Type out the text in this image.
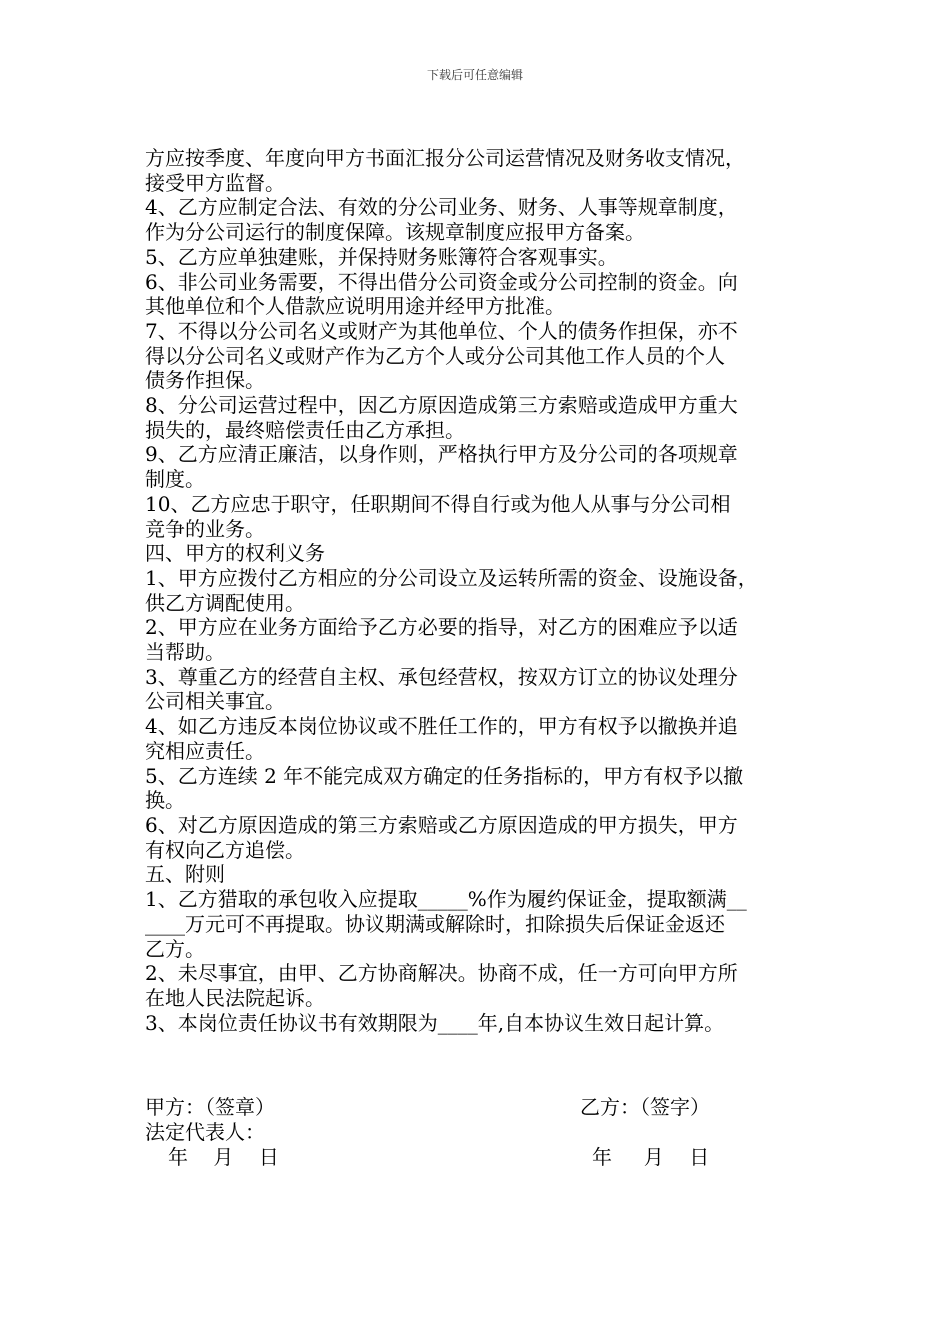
下载后可任意编辑
方应按季度、年度向甲方书面汇报分公司运营情况及财务收支情况，
接受甲方监督。
4、乙方应制定合法、有效的分公司业务、财务、人事等规章制度，
作为分公司运行的制度保障。该规章制度应报甲方备案。
5、乙方应单独建账，并保持财务账簿符合客观事实。
6、非公司业务需要，不得出借分公司资金或分公司控制的资金。向
其他单位和个人借款应说明用途并经甲方批准。
7、不得以分公司名义或财产为其他单位、个人的债务作担保，亦不
得以分公司名义或财产作为乙方个人或分公司其他工作人员的个人
债务作担保。
8、分公司运营过程中，因乙方原因造成第三方索赔或造成甲方重大
损失的，最终赔偿责任由乙方承担。
9、乙方应清正廉洁，以身作则，严格执行甲方及分公司的各项规章
制度。
10、乙方应忠于职守，任职期间不得自行或为他人从事与分公司相
竞争的业务。
四、甲方的权利义务
1、甲方应拨付乙方相应的分公司设立及运转所需的资金、设施设备，
供乙方调配使用。
2、甲方应在业务方面给予乙方必要的指导，对乙方的困难应予以适
当帮助。
3、尊重乙方的经营自主权、承包经营权，按双方订立的协议处理分
公司相关事宜。
4、如乙方违反本岗位协议或不胜任工作的，甲方有权予以撤换并追
究相应责任。
5、乙方连续 2 年不能完成双方确定的任务指标的，甲方有权予以撤
换。
6、对乙方原因造成的第三方索赔或乙方原因造成的甲方损失，甲方
有权向乙方追偿。
五、附则
1、乙方猎取的承包收入应提取_____%作为履约保证金，提取额满__
____万元可不再提取。协议期满或解除时，扣除损失后保证金返还
乙方。
2、未尽事宜，由甲、乙方协商解决。协商不成，任一方可向甲方所
在地人民法院起诉。
3、本岗位责任协议书有效期限为____年,自本协议生效日起计算。
甲方：（签章）	乙方：（签字）
法定代表人：
年    月    日	年     月    日
